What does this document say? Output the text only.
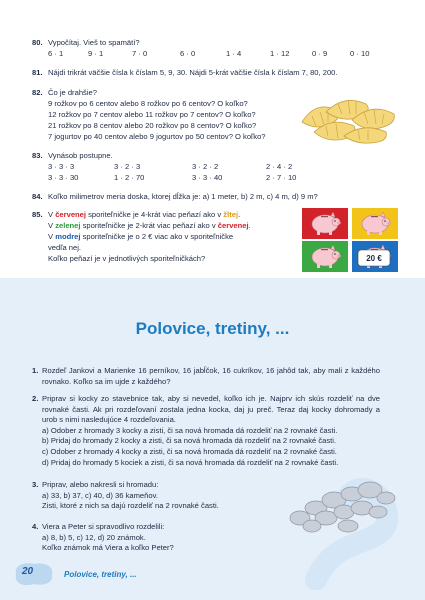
80. Vypočítaj. Vieš to spamätí?
6 · 1	9 · 1	7 · 0	6 · 0	1 · 4	1 · 12	0 · 9	0 · 10
81. Nájdi trikrát väčšie čísla k číslam 5, 9, 30. Nájdi 5-krát väčšie čísla k číslam 7, 80, 200.
82. Čo je drahšie?
9 rožkov po 6 centov alebo 8 rožkov po 6 centov? O koľko?
12 rožkov po 7 centov alebo 11 rožkov po 7 centov? O koľko?
21 rožkov po 8 centov alebo 20 rožkov po 8 centov? O koľko?
7 jogurtov po 40 centov alebo 9 jogurtov po 50 centov? O koľko?
83. Vynásob postupne.
3 · 3 · 3	3 · 2 · 3	3 · 2 · 2	2 · 4 · 2
3 · 3 · 30	1 · 2 · 70	3 · 3 · 40	2 · 7 · 10
84. Koľko milimetrov meria doska, ktorej dĺžka je: a) 1 meter, b) 2 m, c) 4 m, d) 9 m?
85. V červenej sporiteľničke je 4-krát viac peňazí ako v žltej.
V zelenej sporiteľničke je 2-krát viac peňazí ako v červenej.
V modrej sporiteľničke je o 2 € viac ako v sporiteľničke
vedľa nej.
Koľko peňazí je v jednotlivých sporiteľničkách?	20 €
Polovice, tretiny, ...
1. Rozdeľ Jankovi a Marienke 16 perníkov, 16 jabĺčok, 16 cukríkov, 16 jahôd tak, aby mali z každého rovnako. Koľko sa im ujde z každého?
2. Priprav si kocky zo stavebnice tak, aby si nevedel, koľko ich je. Najprv ich skús rozdeliť na dve rovnaké časti. Ak pri rozdeľovaní zostala jedna kocka, daj ju preč. Teraz daj kocky dohromady a urob s nimi nasledujúce 4 rozdeľovania.
a) Odober z hromady 3 kocky a zisti, či sa nová hromada dá rozdeliť na 2 rovnaké časti.
b) Pridaj do hromady 2 kocky a zisti, či sa nová hromada dá rozdeliť na 2 rovnaké časti.
c) Odober z hromady 4 kocky a zisti, či sa nová hromada dá rozdeliť na 2 rovnaké časti.
d) Pridaj do hromady 5 kociek a zisti, či sa nová hromada dá rozdeliť na 2 rovnaké časti.
3. Priprav, alebo nakresli si hromadu:
a) 33, b) 37, c) 40, d) 36 kameňov.
Zisti, ktoré z nich sa dajú rozdeliť na 2 rovnaké časti.
4. Viera a Peter si spravodlivo rozdelili:
a) 8, b) 5, c) 12, d) 20 známok.
Koľko známok má Viera a koľko Peter?
20	Polovice, tretiny, ...
